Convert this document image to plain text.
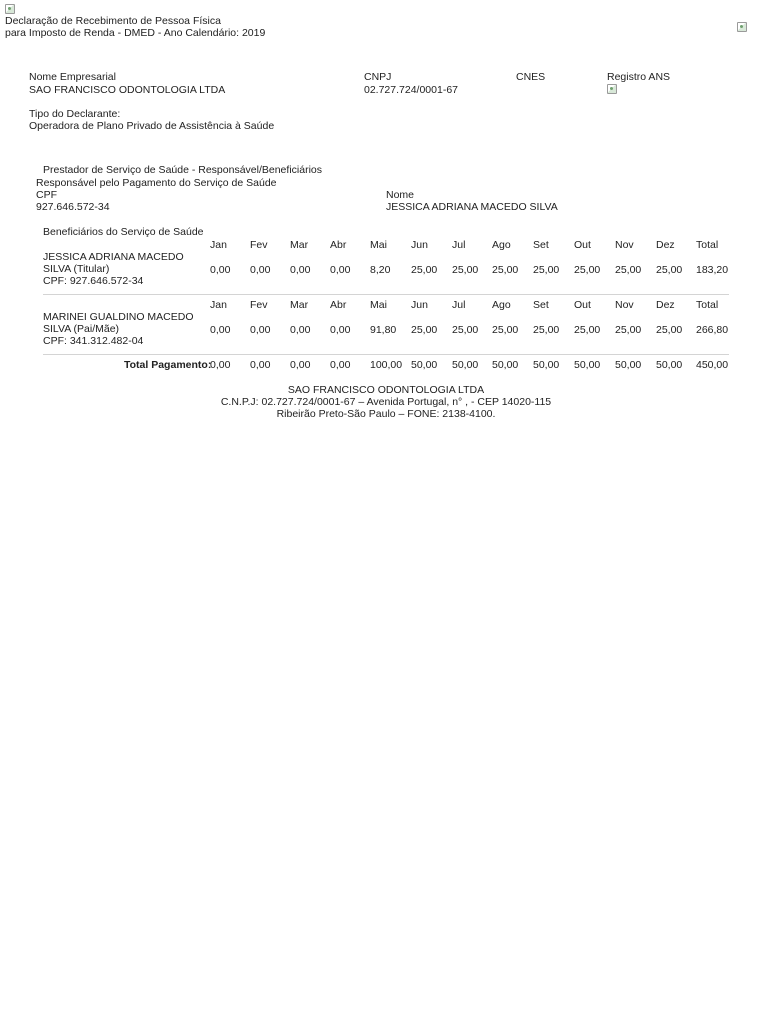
Declaração de Recebimento de Pessoa Física
para Imposto de Renda - DMED - Ano Calendário: 2019
Nome Empresarial
SAO FRANCISCO ODONTOLOGIA LTDA
CNPJ
02.727.724/0001-67
CNES	Registro ANS
Tipo do Declarante:
Operadora de Plano Privado de Assistência à Saúde
Prestador de Serviço de Saúde - Responsável/Beneficiários
Responsável pelo Pagamento do Serviço de Saúde
CPF
927.646.572-34
Nome
JESSICA ADRIANA MACEDO SILVA
Beneficiários do Serviço de Saúde
Jan Fev Mar Abr Mai Jun Jul	Ago Set Out Nov Dez Total
JESSICA ADRIANA MACEDO
SILVA (Titular)
CPF: 927.646.572-34
0,00 0,00 0,00 0,00 8,20 25,00 25,00 25,00 25,00 25,00 25,00 25,00 183,20
Jan Fev Mar Abr Mai Jun Jul	Ago Set Out Nov Dez Total
MARINEI GUALDINO MACEDO
SILVA (Pai/Mãe)
CPF: 341.312.482-04
0,00 0,00 0,00 0,00 91,80 25,00 25,00 25,00 25,00 25,00 25,00 25,00 266,80
Total Pagamento:
0,00 0,00 0,00 0,00 100,00 50,00 50,00 50,00 50,00 50,00 50,00 50,00 450,00
SAO FRANCISCO ODONTOLOGIA LTDA
C.N.P.J: 02.727.724/0001-67 – Avenida Portugal, n° , - CEP 14020-115
Ribeirão Preto-São Paulo – FONE: 2138-4100.
